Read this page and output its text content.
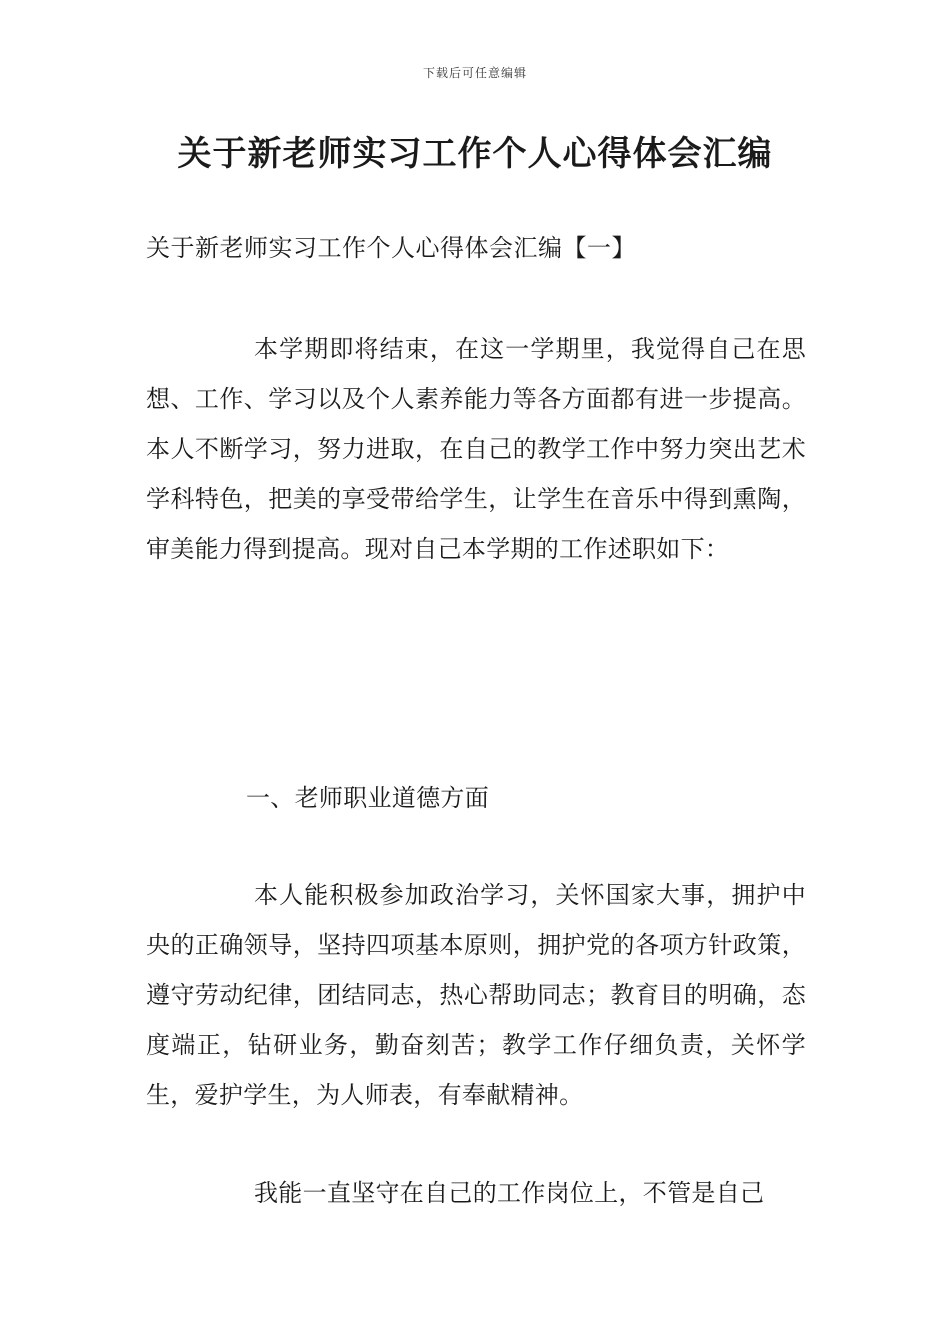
下载后可任意编辑
关于新老师实习工作个人心得体会汇编
关于新老师实习工作个人心得体会汇编【一】

本学期即将结束，在这一学期里，我觉得自己在思想、工作、学习以及个人素养能力等各方面都有进一步提高。本人不断学习，努力进取，在自己的教学工作中努力突出艺术学科特色，把美的享受带给学生，让学生在音乐中得到熏陶，审美能力得到提高。现对自己本学期的工作述职如下：

一、老师职业道德方面

本人能积极参加政治学习，关怀国家大事，拥护中央的正确领导，坚持四项基本原则，拥护党的各项方针政策，遵守劳动纪律，团结同志，热心帮助同志；教育目的明确，态度端正，钻研业务，勤奋刻苦；教学工作仔细负责，关怀学生，爱护学生，为人师表，有奉献精神。

我能一直坚守在自己的工作岗位上，不管是自己
